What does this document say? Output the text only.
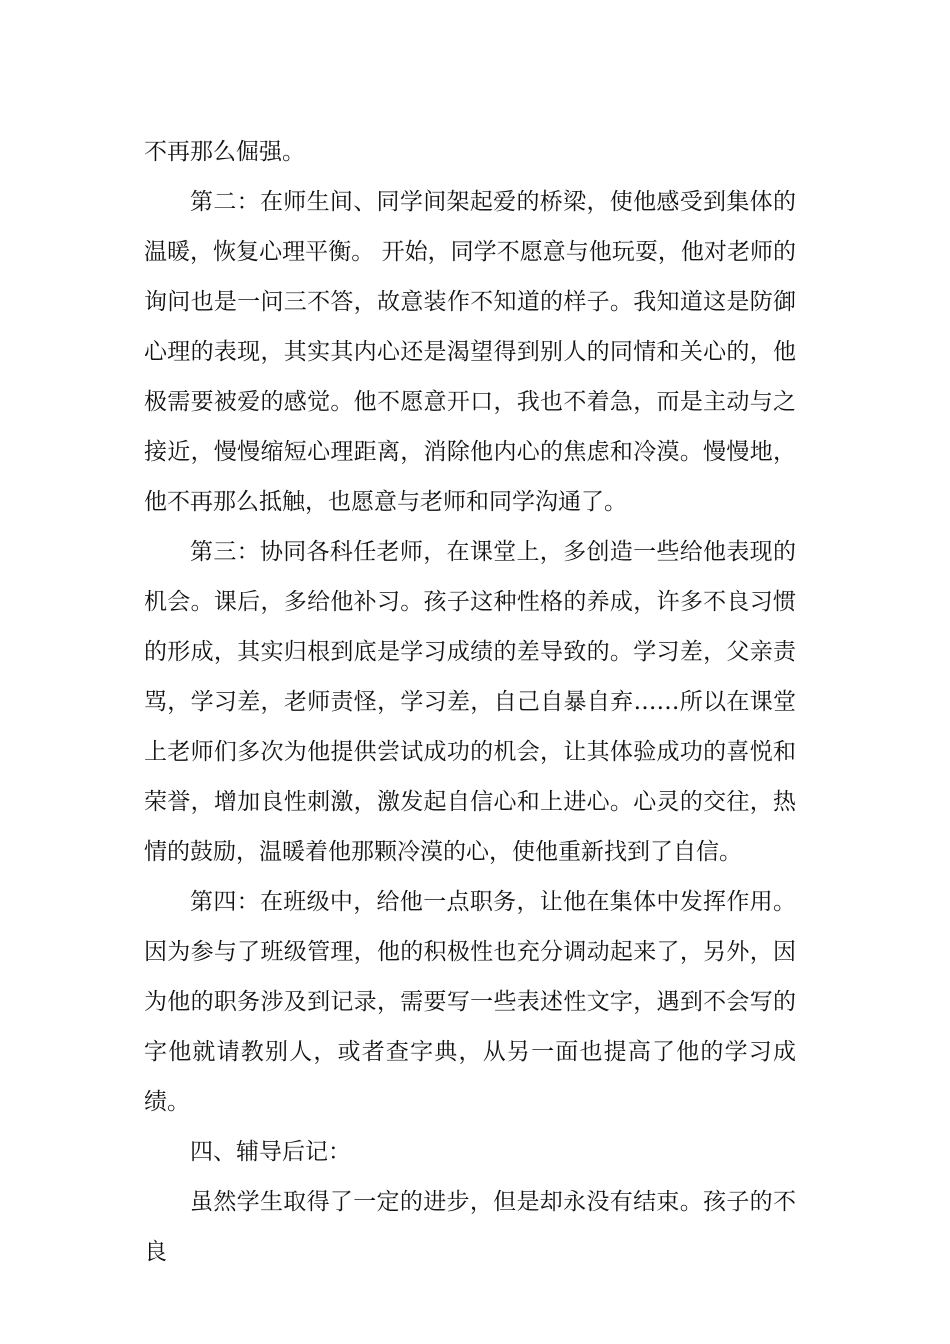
不再那么倔强。

第二：在师生间、同学间架起爱的桥梁，使他感受到集体的温暖，恢复心理平衡。 开始，同学不愿意与他玩耍，他对老师的询问也是一问三不答，故意装作不知道的样子。我知道这是防御心理的表现，其实其内心还是渴望得到别人的同情和关心的，他极需要被爱的感觉。他不愿意开口，我也不着急，而是主动与之接近，慢慢缩短心理距离，消除他内心的焦虑和冷漠。慢慢地，他不再那么抵触，也愿意与老师和同学沟通了。

第三：协同各科任老师，在课堂上，多创造一些给他表现的机会。课后，多给他补习。孩子这种性格的养成，许多不良习惯的形成，其实归根到底是学习成绩的差导致的。学习差，父亲责骂，学习差，老师责怪，学习差，自己自暴自弃……所以在课堂上老师们多次为他提供尝试成功的机会，让其体验成功的喜悦和荣誉，增加良性刺激，激发起自信心和上进心。心灵的交往，热情的鼓励，温暖着他那颗冷漠的心，使他重新找到了自信。

第四：在班级中，给他一点职务，让他在集体中发挥作用。因为参与了班级管理，他的积极性也充分调动起来了，另外，因为他的职务涉及到记录，需要写一些表述性文字，遇到不会写的字他就请教别人，或者查字典，从另一面也提高了他的学习成绩。

四、辅导后记：

虽然学生取得了一定的进步，但是却永没有结束。孩子的不良
